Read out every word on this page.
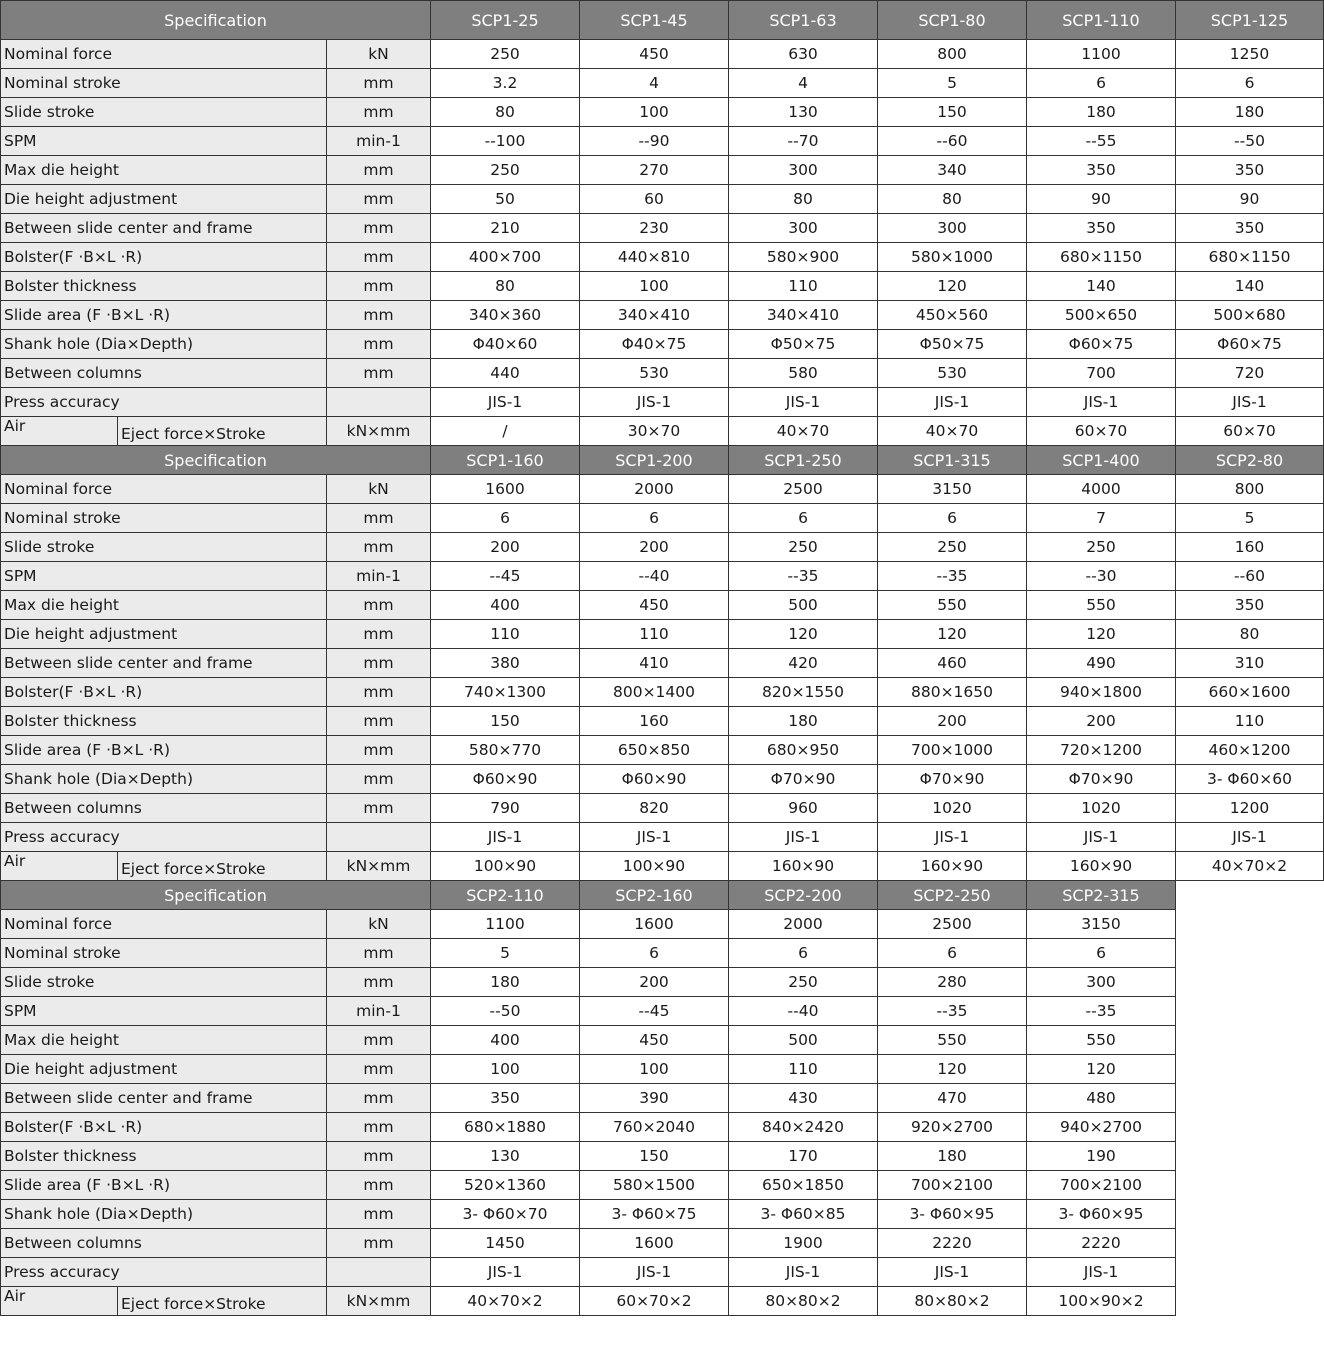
Specification			SCP1-25	SCP1-45	SCP1-63	SCP1-80	SCP1-110	SCP1-125
Nominal force		kN	250	450	630	800	1100	1250
Nominal stroke		mm	3.2	4	4	5	6	6
Slide stroke		mm	80	100	130	150	180	180
SPM		min-1	--100	--90	--70	--60	--55	--50
Max die height		mm	250	270	300	340	350	350
Die height adjustment		mm	50	60	80	80	90	90
Between slide center and frame		mm	210	230	300	300	350	350
Bolster(F ·B×L ·R)		mm	400×700	440×810	580×900	580×1000	680×1150	680×1150
Bolster thickness		mm	80	100	110	120	140	140
Slide area (F ·B×L ·R)		mm	340×360	340×410	340×410	450×560	500×650	500×680
Shank hole (Dia×Depth)		mm	Φ40×60	Φ40×75	Φ50×75	Φ50×75	Φ60×75	Φ60×75
Between columns		mm	440	530	580	530	700	720
Press accuracy			JIS-1	JIS-1	JIS-1	JIS-1	JIS-1	JIS-1
Air	Eject force×Stroke	kN×mm	/	30×70	40×70	40×70	60×70	60×70
Specification			SCP1-160	SCP1-200	SCP1-250	SCP1-315	SCP1-400	SCP2-80
Nominal force		kN	1600	2000	2500	3150	4000	800
Nominal stroke		mm	6	6	6	6	7	5
Slide stroke		mm	200	200	250	250	250	160
SPM		min-1	--45	--40	--35	--35	--30	--60
Max die height		mm	400	450	500	550	550	350
Die height adjustment		mm	110	110	120	120	120	80
Between slide center and frame		mm	380	410	420	460	490	310
Bolster(F ·B×L ·R)		mm	740×1300	800×1400	820×1550	880×1650	940×1800	660×1600
Bolster thickness		mm	150	160	180	200	200	110
Slide area (F ·B×L ·R)		mm	580×770	650×850	680×950	700×1000	720×1200	460×1200
Shank hole (Dia×Depth)		mm	Φ60×90	Φ60×90	Φ70×90	Φ70×90	Φ70×90	3- Φ60×60
Between columns		mm	790	820	960	1020	1020	1200
Press accuracy			JIS-1	JIS-1	JIS-1	JIS-1	JIS-1	JIS-1
Air	Eject force×Stroke	kN×mm	100×90	100×90	160×90	160×90	160×90	40×70×2
Specification			SCP2-110	SCP2-160	SCP2-200	SCP2-250	SCP2-315	
Nominal force		kN	1100	1600	2000	2500	3150	
Nominal stroke		mm	5	6	6	6	6	
Slide stroke		mm	180	200	250	280	300	
SPM		min-1	--50	--45	--40	--35	--35	
Max die height		mm	400	450	500	550	550	
Die height adjustment		mm	100	100	110	120	120	
Between slide center and frame		mm	350	390	430	470	480	
Bolster(F ·B×L ·R)		mm	680×1880	760×2040	840×2420	920×2700	940×2700	
Bolster thickness		mm	130	150	170	180	190	
Slide area (F ·B×L ·R)		mm	520×1360	580×1500	650×1850	700×2100	700×2100	
Shank hole (Dia×Depth)		mm	3- Φ60×70	3- Φ60×75	3- Φ60×85	3- Φ60×95	3- Φ60×95	
Between columns		mm	1450	1600	1900	2220	2220	
Press accuracy			JIS-1	JIS-1	JIS-1	JIS-1	JIS-1	
Air	Eject force×Stroke	kN×mm	40×70×2	60×70×2	80×80×2	80×80×2	100×90×2	
